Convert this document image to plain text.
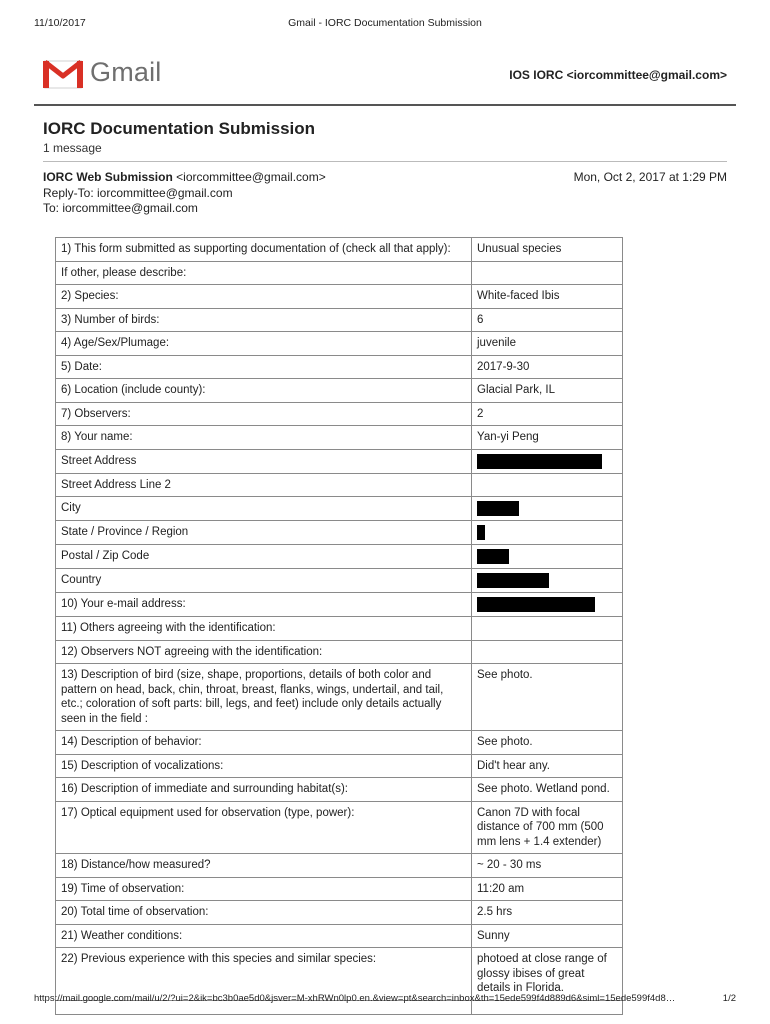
11/10/2017	Gmail - IORC Documentation Submission
Gmail	IOS IORC <iorcommittee@gmail.com>
IORC Documentation Submission
1 message
IORC Web Submission <iorcommittee@gmail.com>
Reply-To: iorcommittee@gmail.com
To: iorcommittee@gmail.com
Mon, Oct 2, 2017 at 1:29 PM
1) This form submitted as supporting documentation of (check all that apply):	Unusual species
If other, please describe:	
2) Species:	White-faced Ibis
3) Number of birds:	6
4) Age/Sex/Plumage:	juvenile
5) Date:	2017-9-30
6) Location (include county):	Glacial Park, IL
7) Observers:	2
8) Your name:	Yan-yi Peng
Street Address	
Street Address Line 2	
City	
State / Province / Region	
Postal / Zip Code	
Country	
10) Your e-mail address:	
11) Others agreeing with the identification:	
12) Observers NOT agreeing with the identification:	
13) Description of bird (size, shape, proportions, details of both color and pattern on head, back, chin, throat, breast, flanks, wings, undertail, and tail, etc.; coloration of soft parts: bill, legs, and feet) include only details actually seen in the field :	See photo.
14) Description of behavior:	See photo.
15) Description of vocalizations:	Did't hear any.
16) Description of immediate and surrounding habitat(s):	See photo. Wetland pond.
17) Optical equipment used for observation (type, power):	Canon 7D with focal distance of 700 mm (500 mm lens + 1.4 extender)
18) Distance/how measured?	~ 20 - 30 ms
19) Time of observation:	11:20 am
20) Total time of observation:	2.5 hrs
21) Weather conditions:	Sunny
22) Previous experience with this species and similar species:	photoed at close range of glossy ibises of great details in Florida.

https://mail.google.com/mail/u/2/?ui=2&ik=bc3b0ae5d0&jsver=M-xhRWn0lp0.en.&view=pt&search=inbox&th=15ede599f4d889d6&siml=15ede599f4d8…	1/2
